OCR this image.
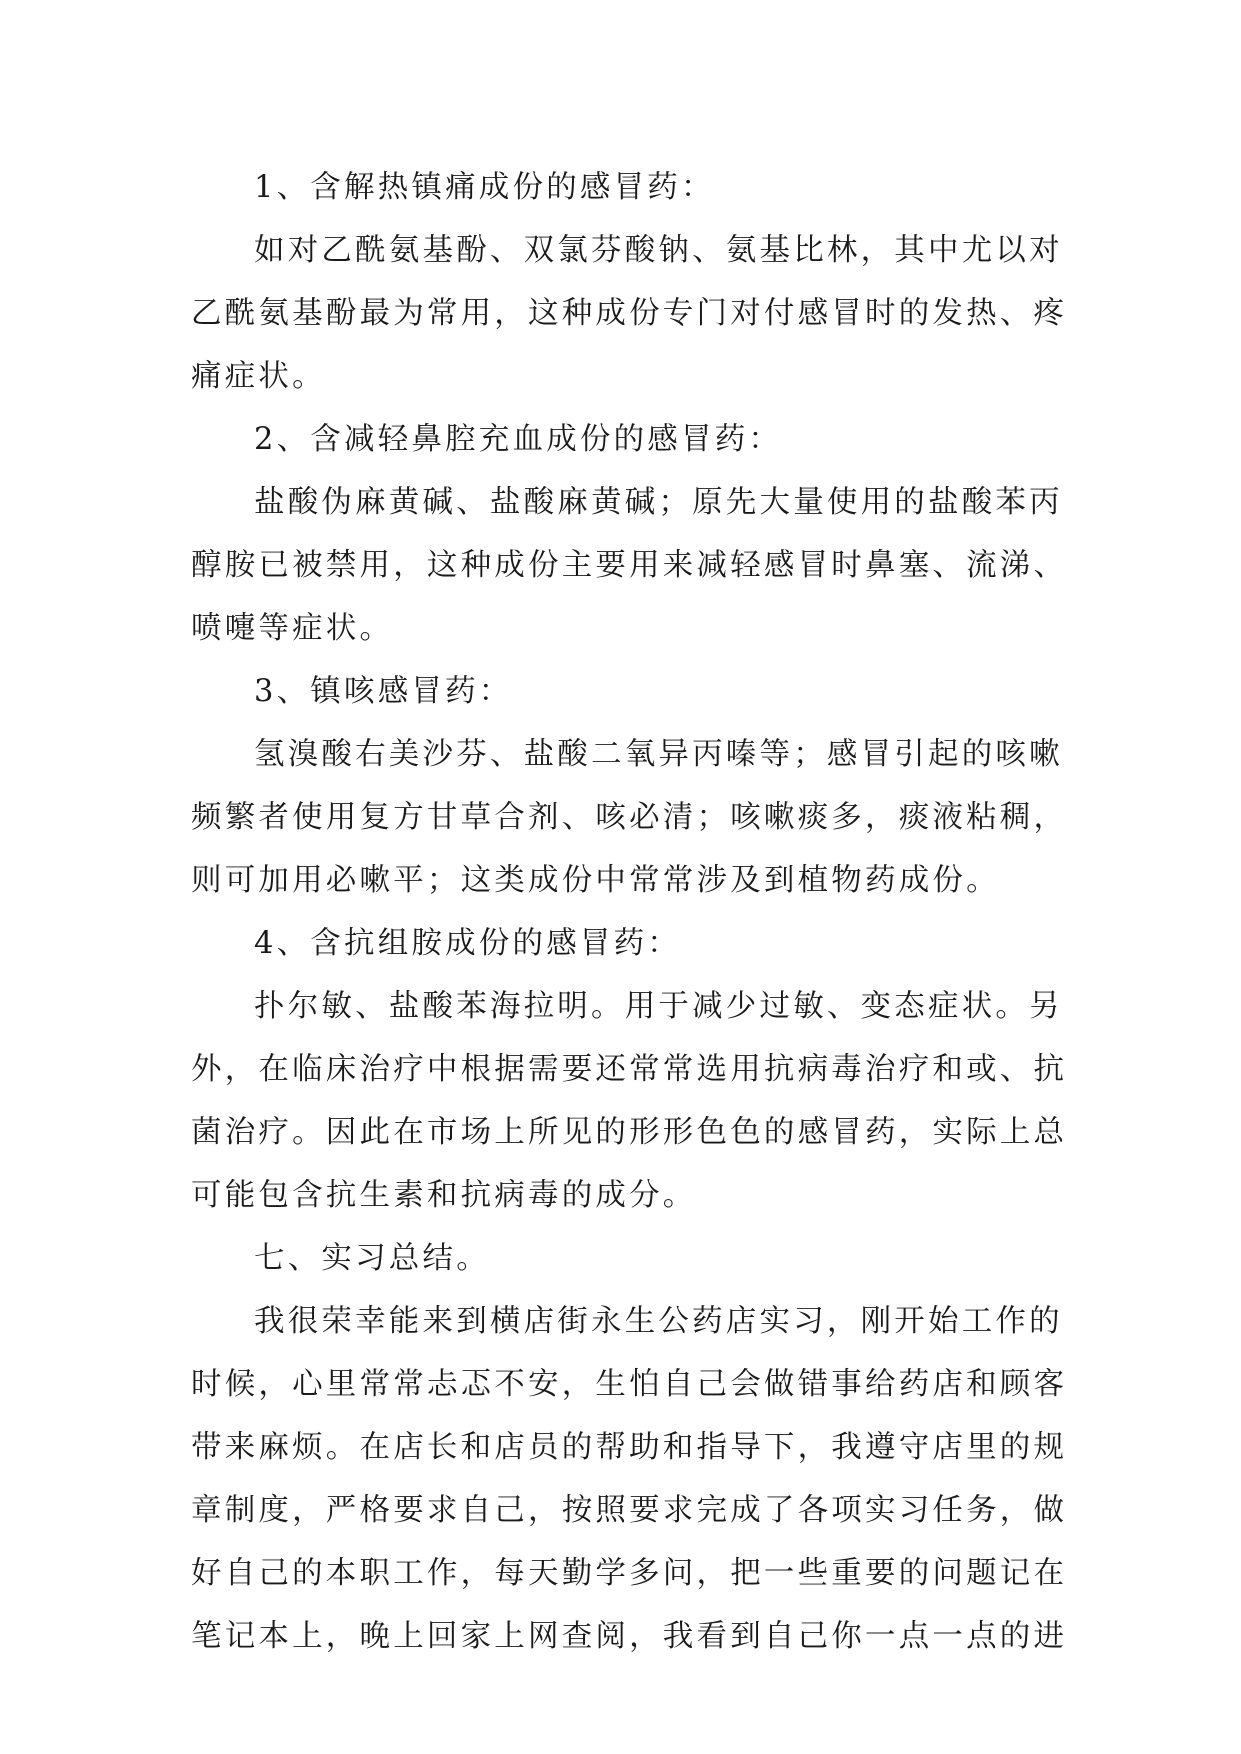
1、含解热镇痛成份的感冒药：
如对乙酰氨基酚、双氯芬酸钠、氨基比林，其中尤以对
乙酰氨基酚最为常用，这种成份专门对付感冒时的发热、疼
痛症状。
2、含减轻鼻腔充血成份的感冒药：
盐酸伪麻黄碱、盐酸麻黄碱；原先大量使用的盐酸苯丙
醇胺已被禁用，这种成份主要用来减轻感冒时鼻塞、流涕、
喷嚏等症状。
3、镇咳感冒药：
氢溴酸右美沙芬、盐酸二氧异丙嗪等；感冒引起的咳嗽
频繁者使用复方甘草合剂、咳必清；咳嗽痰多，痰液粘稠，
则可加用必嗽平；这类成份中常常涉及到植物药成份。
4、含抗组胺成份的感冒药：
扑尔敏、盐酸苯海拉明。用于减少过敏、变态症状。另
外，在临床治疗中根据需要还常常选用抗病毒治疗和或、抗
菌治疗。因此在市场上所见的形形色色的感冒药，实际上总
可能包含抗生素和抗病毒的成分。
七、实习总结。
我很荣幸能来到横店街永生公药店实习，刚开始工作的
时候，心里常常忐忑不安，生怕自己会做错事给药店和顾客
带来麻烦。在店长和店员的帮助和指导下，我遵守店里的规
章制度，严格要求自己，按照要求完成了各项实习任务，做
好自己的本职工作，每天勤学多问，把一些重要的问题记在
笔记本上，晚上回家上网查阅，我看到自己你一点一点的进
